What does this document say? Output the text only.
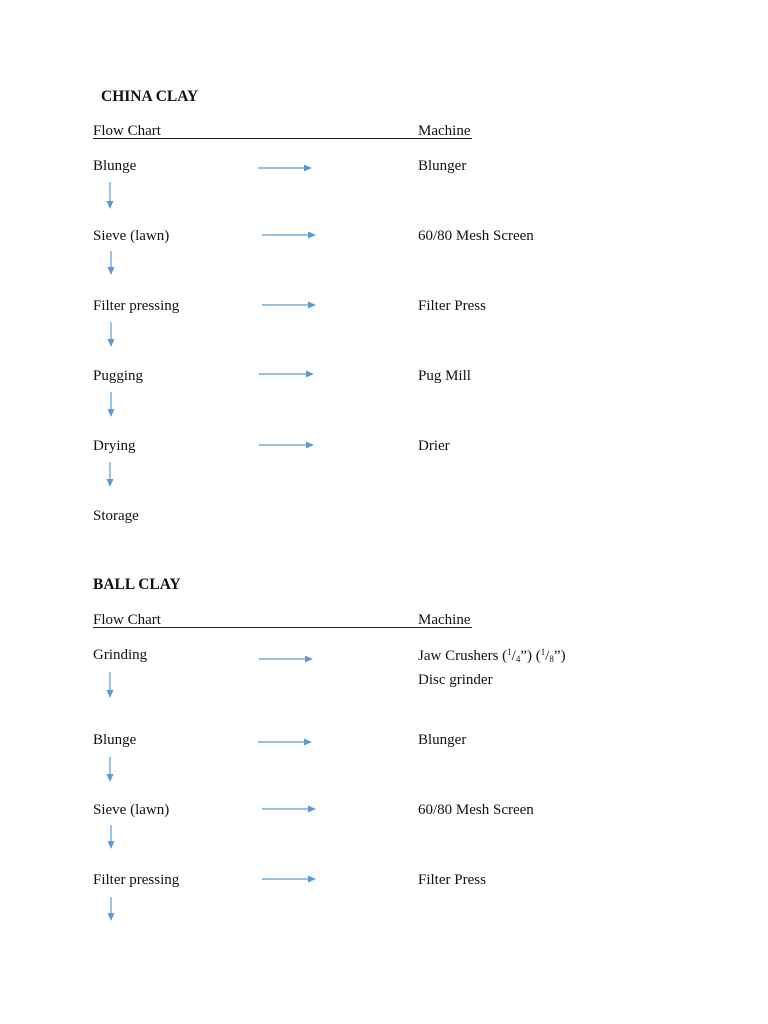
CHINA CLAY
Flow Chart	Machine
Blunge	Blunger
Sieve (lawn)	60/80 Mesh Screen
Filter pressing	Filter Press
Pugging	Pug Mill
Drying	Drier
Storage
BALL CLAY
Flow Chart	Machine
Grinding	Jaw Crushers $(^1/_4”)$ $(^1/_8”)$
Disc grinder
Blunge	Blunger
Sieve (lawn)	60/80 Mesh Screen
Filter pressing	Filter Press
